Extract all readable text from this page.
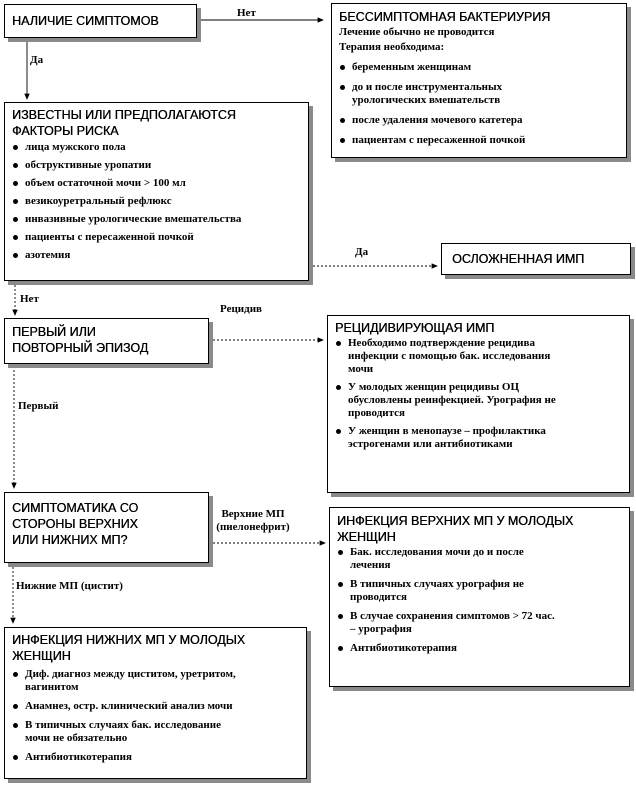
НАЛИЧИЕ СИМПТОМОВ	БЕССИМПТОМНАЯ БАКТЕРИУРИЯ
Лечение обычно не проводится
Терапия необходима:
беременным женщинам
до и после инструментальных
урологических вмешательств
после удаления мочевого катетера
пациентам с пересаженной почкой
ИЗВЕСТНЫ ИЛИ ПРЕДПОЛАГАЮТСЯ
ФАКТОРЫ РИСКА
лица мужского пола
обструктивные уропатии
объем остаточной мочи > 100 мл
везикоуретральный рефлюкс
инвазивные урологические вмешательства
пациенты с пересаженной почкой
азотемия	ОСЛОЖНЕННАЯ ИМП
ПЕРВЫЙ ИЛИ
ПОВТОРНЫЙ ЭПИЗОД
РЕЦИДИВИРУЮЩАЯ ИМП
Необходимо подтверждение рецидива
инфекции с помощью бак. исследования
мочи
У молодых женщин рецидивы ОЦ
обусловлены реинфекцией. Урография не
проводится
У женщин в менопаузе – профилактика
эстрогенами или антибиотиками
СИМПТОМАТИКА СО
СТОРОНЫ ВЕРХНИХ
ИЛИ НИЖНИХ МП?
ИНФЕКЦИЯ ВЕРХНИХ МП У МОЛОДЫХ
ЖЕНЩИН
Бак. исследования мочи до и после
лечения
В типичных случаях урография не
проводится
В случае сохранения симптомов > 72 час.
– урография
Антибиотикотерапия
ИНФЕКЦИЯ НИЖНИХ МП У МОЛОДЫХ
ЖЕНЩИН
Диф. диагноз между циститом, уретритом,
вагинитом
Анамнез, остр. клинический анализ мочи
В типичных случаях бак. исследование
мочи не обязательно
Антибиотикотерапия
Нет
Да
Да
Нет
Рецидив
Первый
Верхние МП
(пиелонефрит)
Нижние МП (цистит)
